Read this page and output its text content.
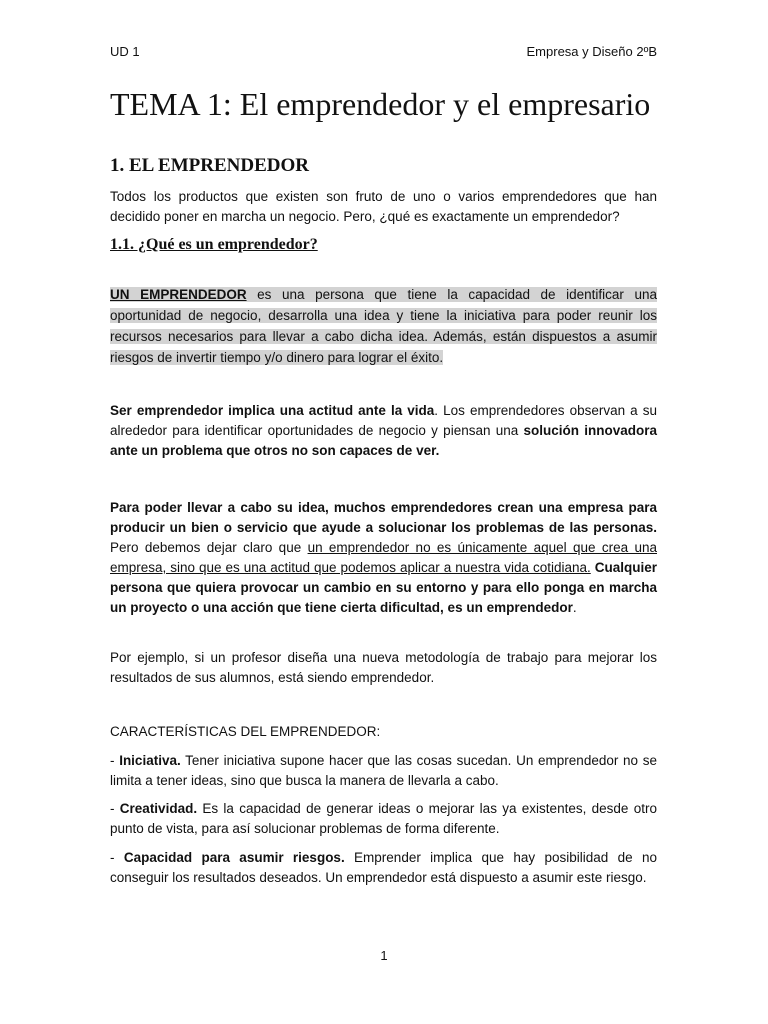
UD 1	Empresa y Diseño 2ºB
TEMA 1: El emprendedor y el empresario
1. EL EMPRENDEDOR

Todos los productos que existen son fruto de uno o varios emprendedores que han decidido poner en marcha un negocio. Pero, ¿qué es exactamente un emprendedor?

1.1. ¿Qué es un emprendedor?

UN EMPRENDEDOR es una persona que tiene la capacidad de identificar una oportunidad de negocio, desarrolla una idea y tiene la iniciativa para poder reunir los recursos necesarios para llevar a cabo dicha idea. Además, están dispuestos a asumir riesgos de invertir tiempo y/o dinero para lograr el éxito.

Ser emprendedor implica una actitud ante la vida. Los emprendedores observan a su alrededor para identificar oportunidades de negocio y piensan una solución innovadora ante un problema que otros no son capaces de ver.

Para poder llevar a cabo su idea, muchos emprendedores crean una empresa para producir un bien o servicio que ayude a solucionar los problemas de las personas. Pero debemos dejar claro que un emprendedor no es únicamente aquel que crea una empresa, sino que es una actitud que podemos aplicar a nuestra vida cotidiana. Cualquier persona que quiera provocar un cambio en su entorno y para ello ponga en marcha un proyecto o una acción que tiene cierta dificultad, es un emprendedor.

Por ejemplo, si un profesor diseña una nueva metodología de trabajo para mejorar los resultados de sus alumnos, está siendo emprendedor.

CARACTERÍSTICAS DEL EMPRENDEDOR:

- Iniciativa. Tener iniciativa supone hacer que las cosas sucedan. Un emprendedor no se limita a tener ideas, sino que busca la manera de llevarla a cabo.

- Creatividad. Es la capacidad de generar ideas o mejorar las ya existentes, desde otro punto de vista, para así solucionar problemas de forma diferente.

- Capacidad para asumir riesgos. Emprender implica que hay posibilidad de no conseguir los resultados deseados. Un emprendedor está dispuesto a asumir este riesgo.

1
